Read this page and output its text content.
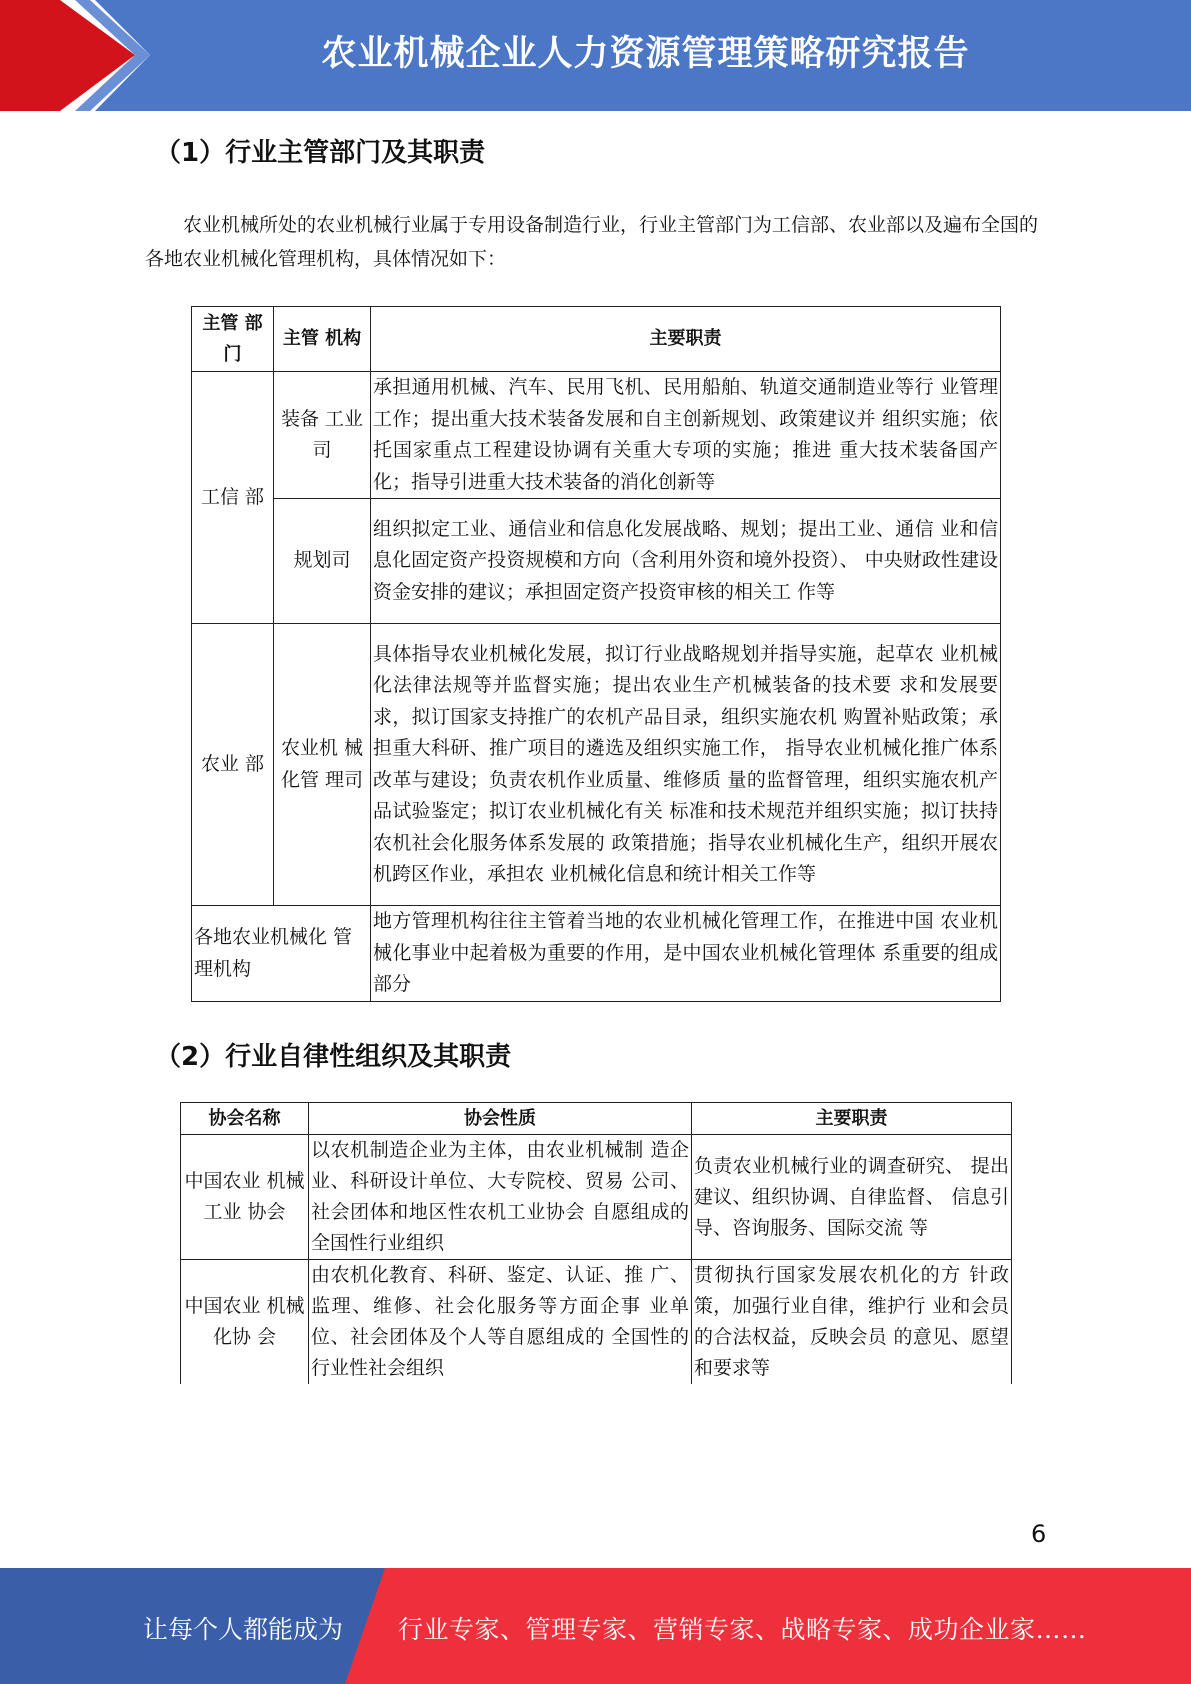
农业机械企业人力资源管理策略研究报告
（1）行业主管部门及其职责
农业机械所处的农业机械行业属于专用设备制造行业，行业主管部门为工信部、农业部以及遍布全国的各地农业机械化管理机构，具体情况如下：
主管 部门	主管 机构	主要职责
工信 部	装备 工业司	承担通用机械、汽车、民用飞机、民用船舶、轨道交通制造业等行 业管理工作；提出重大技术装备发展和自主创新规划、政策建议并 组织实施；依托国家重点工程建设协调有关重大专项的实施；推进 重大技术装备国产化；指导引进重大技术装备的消化创新等
	规划司	组织拟定工业、通信业和信息化发展战略、规划；提出工业、通信 业和信息化固定资产投资规模和方向（含利用外资和境外投资）、 中央财政性建设资金安排的建议；承担固定资产投资审核的相关工 作等
农业 部	农业机 械化管 理司	具体指导农业机械化发展，拟订行业战略规划并指导实施，起草农 业机械化法律法规等并监督实施；提出农业生产机械装备的技术要 求和发展要求，拟订国家支持推广的农机产品目录，组织实施农机 购置补贴政策；承担重大科研、推广项目的遴选及组织实施工作， 指导农业机械化推广体系改革与建设；负责农机作业质量、维修质 量的监督管理，组织实施农机产品试验鉴定；拟订农业机械化有关 标准和技术规范并组织实施；拟订扶持农机社会化服务体系发展的 政策措施；指导农业机械化生产，组织开展农机跨区作业，承担农 业机械化信息和统计相关工作等
各地农业机械化 管理机构		地方管理机构往往主管着当地的农业机械化管理工作，在推进中国 农业机械化事业中起着极为重要的作用，是中国农业机械化管理体 系重要的组成部分
（2）行业自律性组织及其职责
协会名称	协会性质	主要职责
中国农业 机械工业 协会	以农机制造企业为主体，由农业机械制 造企业、科研设计单位、大专院校、贸易 公司、社会团体和地区性农机工业协会 自愿组成的全国性行业组织	负责农业机械行业的调查研究、 提出建议、组织协调、自律监督、 信息引导、咨询服务、国际交流 等
中国农业 机械化协 会	由农机化教育、科研、鉴定、认证、推 广、监理、维修、社会化服务等方面企事 业单位、社会团体及个人等自愿组成的 全国性的行业性社会组织	贯彻执行国家发展农机化的方 针政策，加强行业自律，维护行 业和会员的合法权益，反映会员 的意见、愿望和要求等
6
让每个人都能成为 行业专家、管理专家、营销专家、战略专家、成功企业家……
